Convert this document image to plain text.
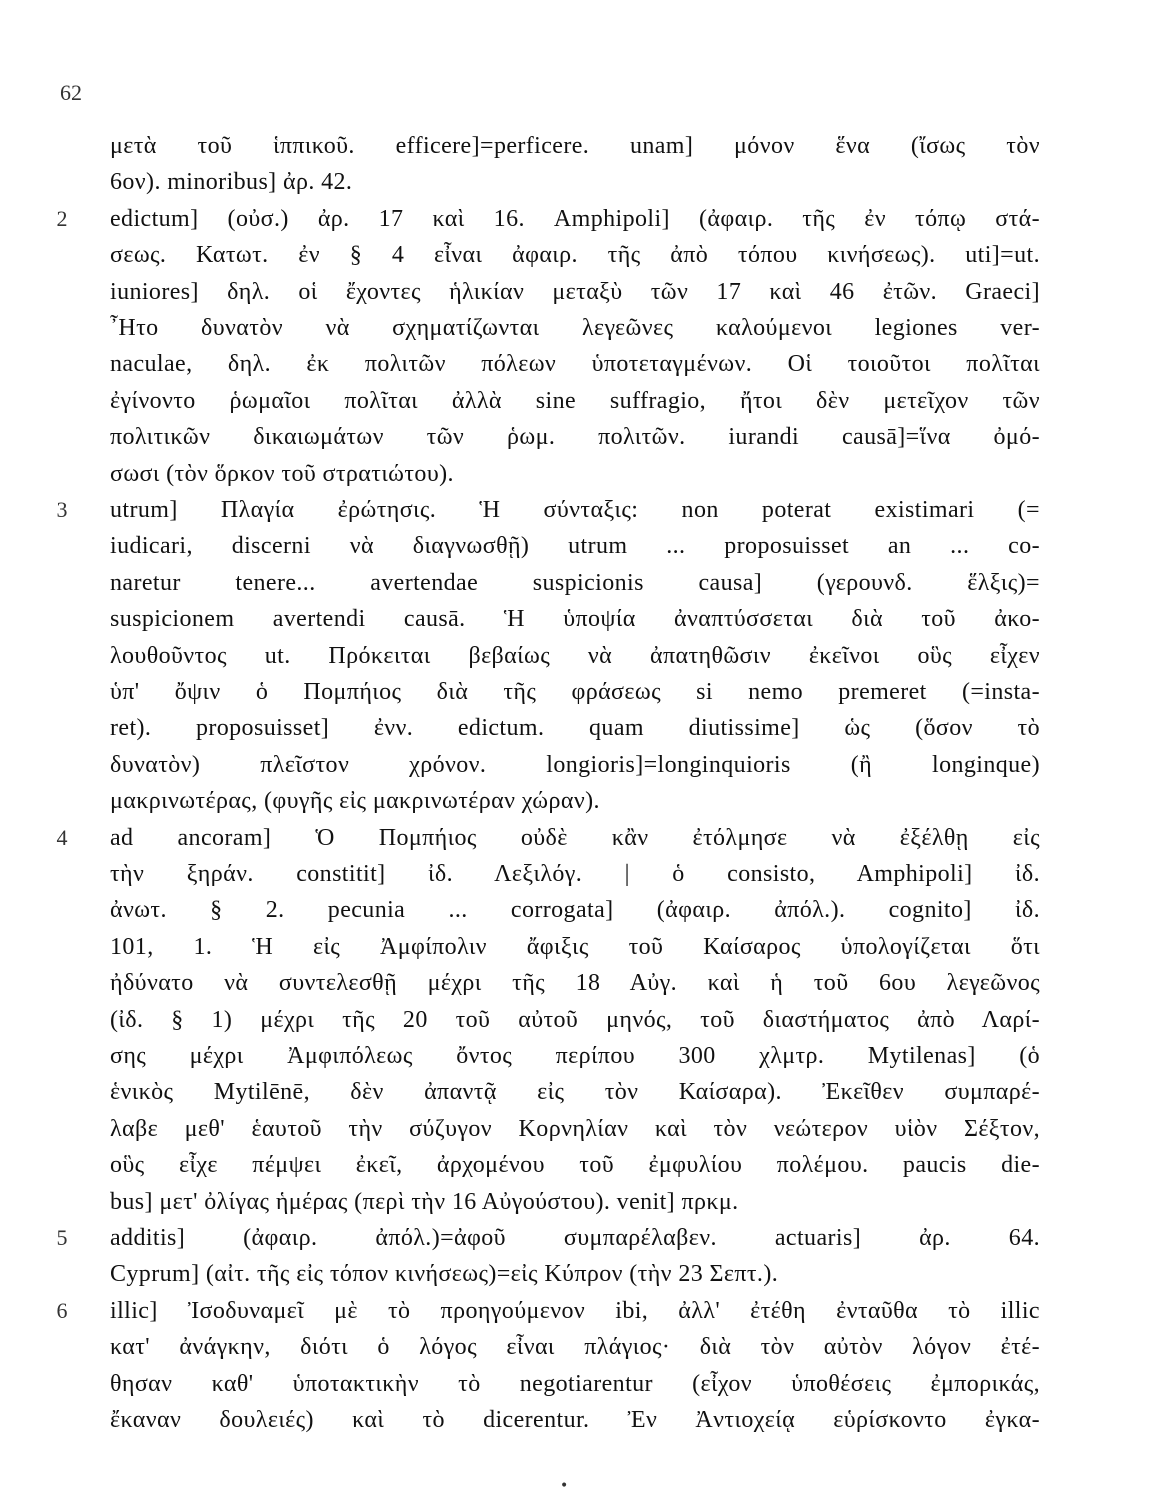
62
μετὰ τοῦ ἱππικοῦ. efficere]=perficere. unam] μόνον ἕνα (ἴσως τὸν
6ον). minoribus] ἀρ. 42.
edictum] (οὐσ.) ἀρ. 17 καὶ 16. Amphipoli] (ἀφαιρ. τῆς ἐν τόπῳ στά-
2
σεως. Κατωτ. ἐν § 4 εἶναι ἀφαιρ. τῆς ἀπὸ τόπου κινήσεως). uti]=ut.
iuniores] δηλ. οἱ ἔχοντες ἡλικίαν μεταξὺ τῶν 17 καὶ 46 ἐτῶν. Graeci]
῏Ητο δυνατὸν νὰ σχηματίζωνται λεγεῶνες καλούμενοι legiones ver-
naculae, δηλ. ἐκ πολιτῶν πόλεων ὑποτεταγμένων. Οἱ τοιοῦτοι πολῖται
ἐγίνοντο ῥωμαῖοι πολῖται ἀλλὰ sine suffragio, ἤτοι δὲν μετεῖχον τῶν
πολιτικῶν δικαιωμάτων τῶν ῥωμ. πολιτῶν. iurandi causā]=ἵνα ὀμό-
σωσι (τὸν ὅρκον τοῦ στρατιώτου).
utrum] Πλαγία ἐρώτησις. Ἡ σύνταξις: non poterat existimari (=
3
iudicari, discerni νὰ διαγνωσθῇ) utrum ... proposuisset an ... co-
naretur tenere... avertendae suspicionis causa] (γερουνδ. ἕλξις)=
suspicionem avertendi causā. Ἡ ὑποψία ἀναπτύσσεται διὰ τοῦ ἀκο-
λουθοῦντος ut. Πρόκειται βεβαίως νὰ ἀπατηθῶσιν ἐκεῖνοι οὓς εἶχεν
ὑπ' ὄψιν ὁ Πομπήιος διὰ τῆς φράσεως si nemo premeret (=insta-
ret). proposuisset] ἐνν. edictum. quam diutissime] ὡς (ὅσον τὸ
δυνατὸν) πλεῖστον χρόνον. longioris]=longinquioris (ἢ longinque)
μακρινωτέρας, (φυγῆς εἰς μακρινωτέραν χώραν).
ad ancoram] Ὁ Πομπήιος οὐδὲ κἂν ἐτόλμησε νὰ ἐξέλθῃ εἰς
4
τὴν ξηράν. constitit] ἰδ. Λεξιλόγ. | ὁ consisto, Amphipoli] ἰδ.
ἀνωτ. § 2. pecunia ... corrogata] (ἀφαιρ. ἀπόλ.). cognito] ἰδ.
101, 1. Ἡ εἰς Ἀμφίπολιν ἄφιξις τοῦ Καίσαρος ὑπολογίζεται ὅτι
ἠδύνατο νὰ συντελεσθῇ μέχρι τῆς 18 Αὐγ. καὶ ἡ τοῦ 6ου λεγεῶνος
(ἰδ. § 1) μέχρι τῆς 20 τοῦ αὐτοῦ μηνός, τοῦ διαστήματος ἀπὸ Λαρί-
σης μέχρι Ἀμφιπόλεως ὄντος περίπου 300 χλμτρ. Mytilenas] (ὁ
ἑνικὸς Mytilēnē, δὲν ἀπαντᾷ εἰς τὸν Καίσαρα). Ἐκεῖθεν συμπαρέ-
λαβε μεθ' ἑαυτοῦ τὴν σύζυγον Κορνηλίαν καὶ τὸν νεώτερον υἱὸν Σέξτον,
οὓς εἶχε πέμψει ἐκεῖ, ἀρχομένου τοῦ ἐμφυλίου πολέμου. paucis die-
bus] μετ' ὀλίγας ἡμέρας (περὶ τὴν 16 Αὐγούστου). venit] πρκμ.
additis] (ἀφαιρ. ἀπόλ.)=ἀφοῦ συμπαρέλαβεν. actuaris] ἀρ. 64.
5
Cyprum] (αἰτ. τῆς εἰς τόπον κινήσεως)=εἰς Κύπρον (τὴν 23 Σεπτ.).
illic] Ἰσοδυναμεῖ μὲ τὸ προηγούμενον ibi, ἀλλ' ἐτέθη ἐνταῦθα τὸ illic
6
κατ' ἀνάγκην, διότι ὁ λόγος εἶναι πλάγιος· διὰ τὸν αὐτὸν λόγον ἐτέ-
θησαν καθ' ὑποτακτικὴν τὸ negotiarentur (εἶχον ὑποθέσεις ἐμπορικάς,
ἔκαναν δουλειές) καὶ τὸ dicerentur. Ἐν Ἀντιοχείᾳ εὑρίσκοντο ἐγκα-
•
